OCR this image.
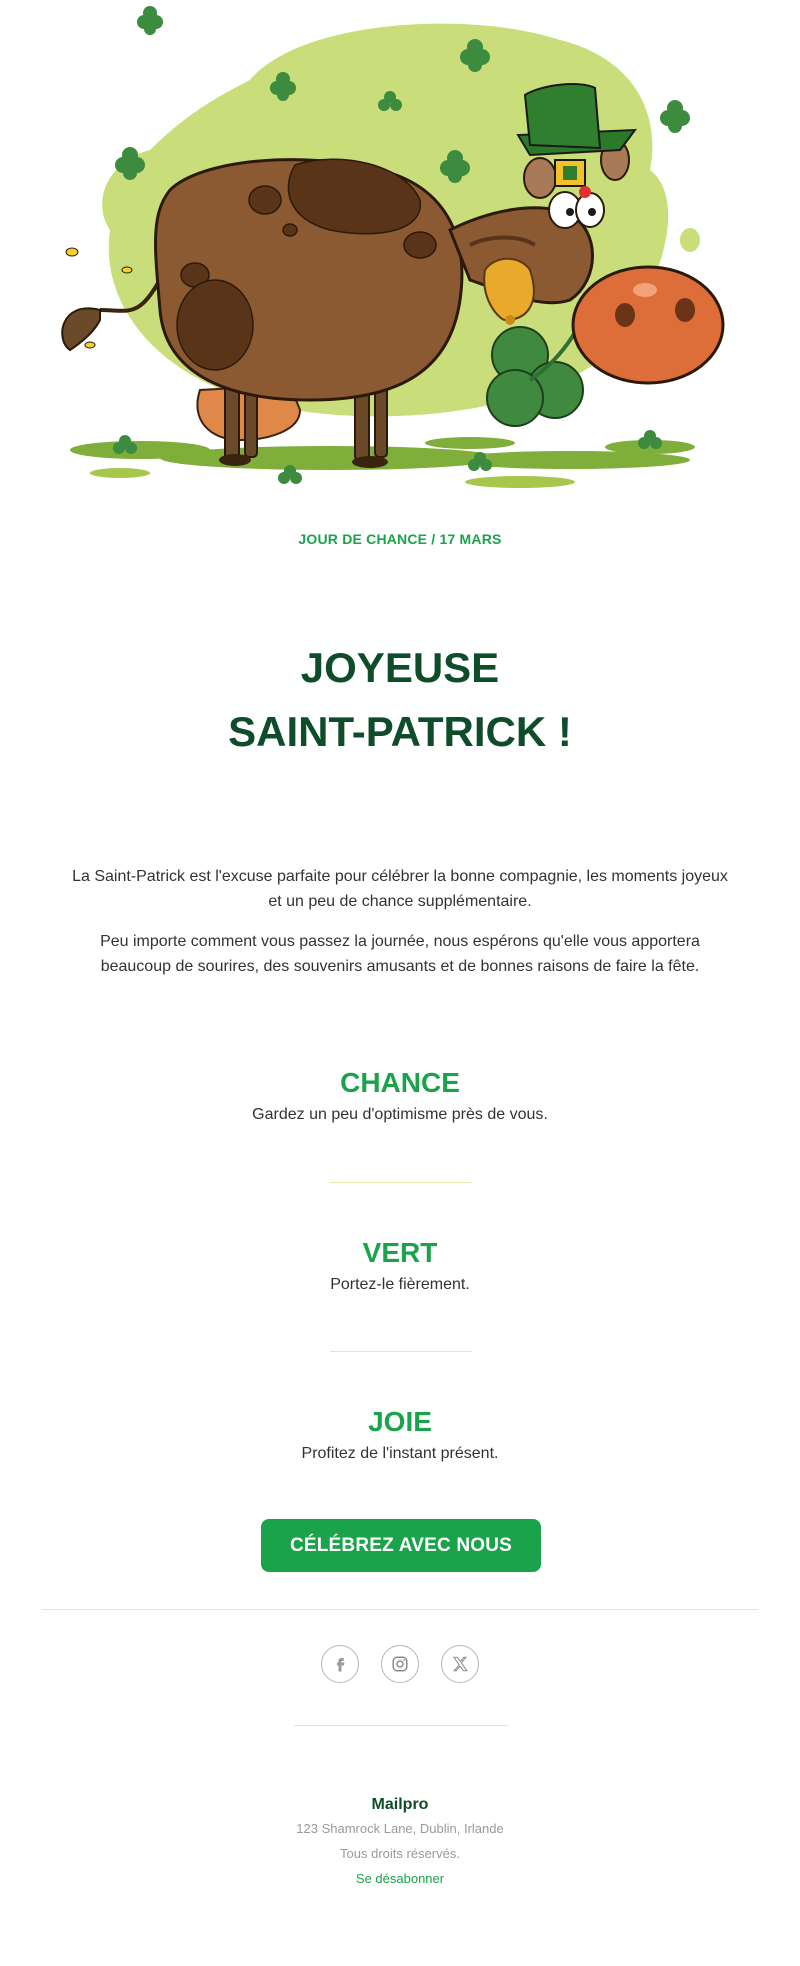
JOUR DE CHANCE / 17 MARS
JOYEUSE
SAINT-PATRICK !

La Saint-Patrick est l'excuse parfaite pour célébrer la bonne compagnie, les moments joyeux et un peu de chance supplémentaire.

Peu importe comment vous passez la journée, nous espérons qu'elle vous apportera beaucoup de sourires, des souvenirs amusants et de bonnes raisons de faire la fête.

CHANCE

Gardez un peu d'optimisme près de vous.

VERT

Portez-le fièrement.

JOIE

Profitez de l'instant présent.

CÉLÉBREZ AVEC NOUS

Mailpro
123 Shamrock Lane, Dublin, Irlande
Tous droits réservés.
Se désabonner
